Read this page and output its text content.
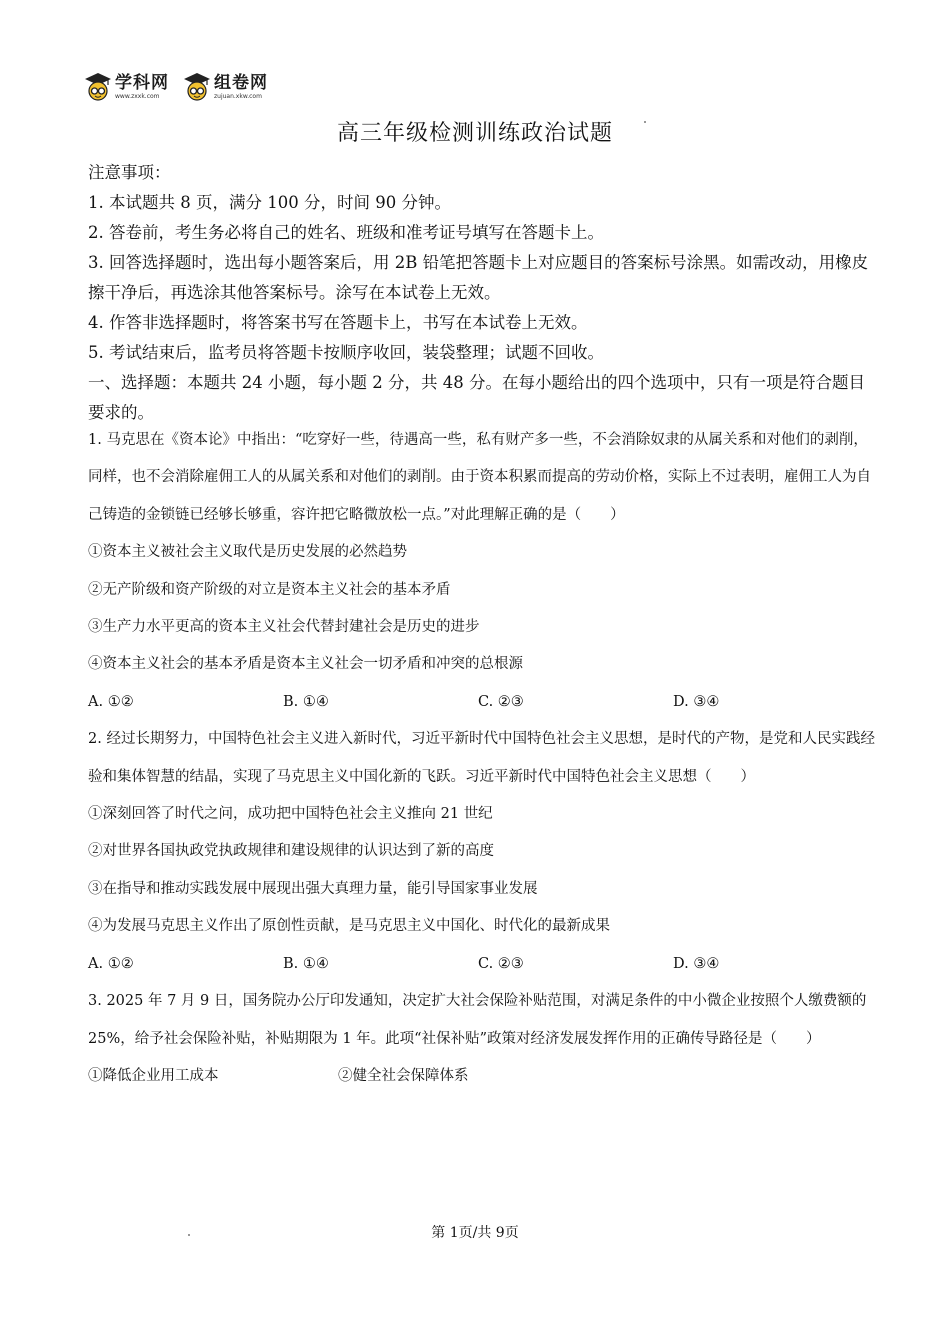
学科网
www.zxxk.com
组卷网
zujuan.xkw.com
高三年级检测训练政治试题

注意事项：

1. 本试题共 8 页，满分 100 分，时间 90 分钟。

2. 答卷前，考生务必将自己的姓名、班级和准考证号填写在答题卡上。

3. 回答选择题时，选出每小题答案后，用 2B 铅笔把答题卡上对应题目的答案标号涂黑。如需改动，用橡皮擦干净后，再选涂其他答案标号。涂写在本试卷上无效。

4. 作答非选择题时，将答案书写在答题卡上，书写在本试卷上无效。

5. 考试结束后，监考员将答题卡按顺序收回，装袋整理；试题不回收。

一、选择题：本题共 24 小题，每小题 2 分，共 48 分。在每小题给出的四个选项中，只有一项是符合题目要求的。

1. 马克思在《资本论》中指出：“吃穿好一些，待遇高一些，私有财产多一些，不会消除奴隶的从属关系和对他们的剥削，同样，也不会消除雇佣工人的从属关系和对他们的剥削。由于资本积累而提高的劳动价格，实际上不过表明，雇佣工人为自己铸造的金锁链已经够长够重，容许把它略微放松一点。”对此理解正确的是（　　）

①资本主义被社会主义取代是历史发展的必然趋势

②无产阶级和资产阶级的对立是资本主义社会的基本矛盾

③生产力水平更高的资本主义社会代替封建社会是历史的进步

④资本主义社会的基本矛盾是资本主义社会一切矛盾和冲突的总根源

A. ①②	B. ①④	C. ②③	D. ③④

2. 经过长期努力，中国特色社会主义进入新时代，习近平新时代中国特色社会主义思想，是时代的产物，是党和人民实践经验和集体智慧的结晶，实现了马克思主义中国化新的飞跃。习近平新时代中国特色社会主义思想（　　）

①深刻回答了时代之问，成功把中国特色社会主义推向 21 世纪

②对世界各国执政党执政规律和建设规律的认识达到了新的高度

③在指导和推动实践发展中展现出强大真理力量，能引导国家事业发展

④为发展马克思主义作出了原创性贡献，是马克思主义中国化、时代化的最新成果

A. ①②	B. ①④	C. ②③	D. ③④

3. 2025 年 7 月 9 日，国务院办公厅印发通知，决定扩大社会保险补贴范围，对满足条件的中小微企业按照个人缴费额的 25%，给予社会保险补贴，补贴期限为 1 年。此项“社保补贴”政策对经济发展发挥作用的正确传导路径是（　　）

①降低企业用工成本	②健全社会保障体系
第 1页/共 9页
